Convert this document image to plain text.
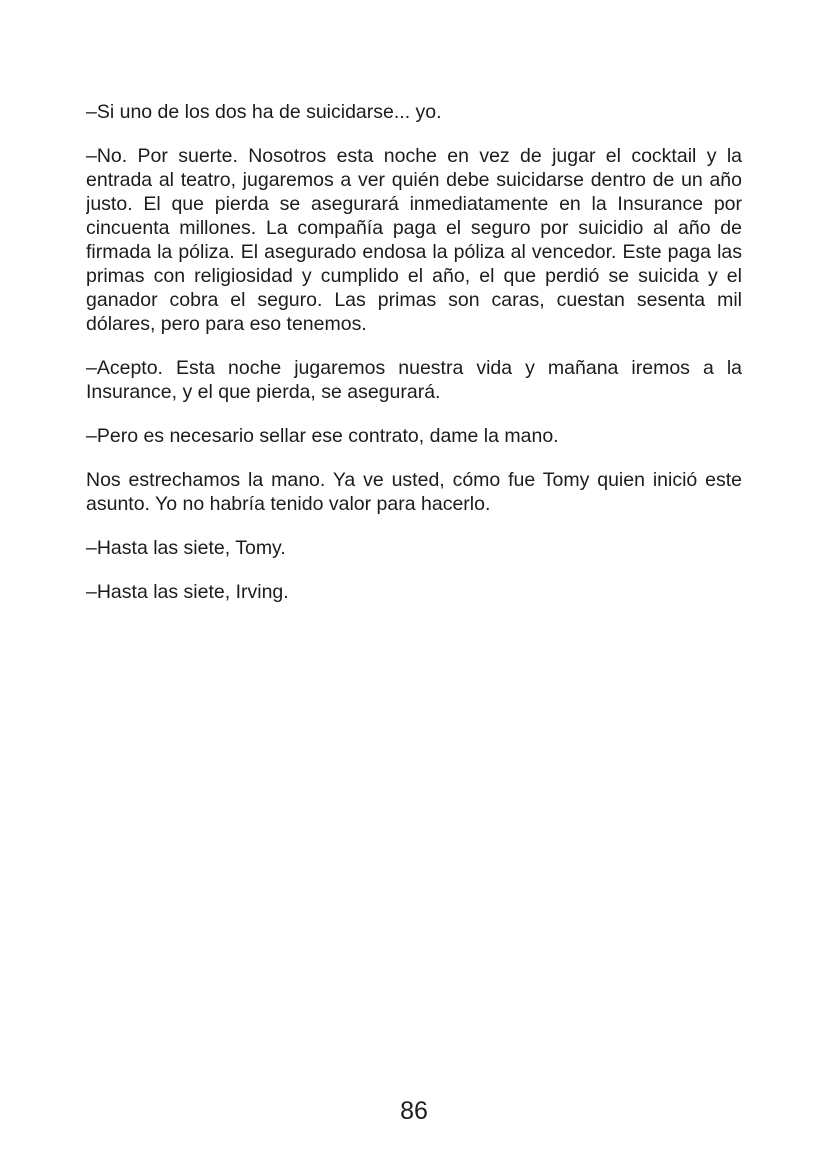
–Si uno de los dos ha de suicidarse... yo.

–No. Por suerte. Nosotros esta noche en vez de jugar el cocktail y la
entrada al teatro, jugaremos a ver quién debe suicidarse dentro de un año
justo. El que pierda se asegurará inmediatamente en la Insurance por
cincuenta millones. La compañía paga el seguro por suicidio al año de
firmada la póliza. El asegurado endosa la póliza al vencedor. Este paga las
primas con religiosidad y cumplido el año, el que perdió se suicida y el
ganador cobra el seguro. Las primas son caras, cuestan sesenta mil
dólares, pero para eso tenemos.

–Acepto. Esta noche jugaremos nuestra vida y mañana iremos a la
Insurance, y el que pierda, se asegurará.

–Pero es necesario sellar ese contrato, dame la mano.

Nos estrechamos la mano. Ya ve usted, cómo fue Tomy quien inició este
asunto. Yo no habría tenido valor para hacerlo.

–Hasta las siete, Tomy.

–Hasta las siete, Irving.

86
